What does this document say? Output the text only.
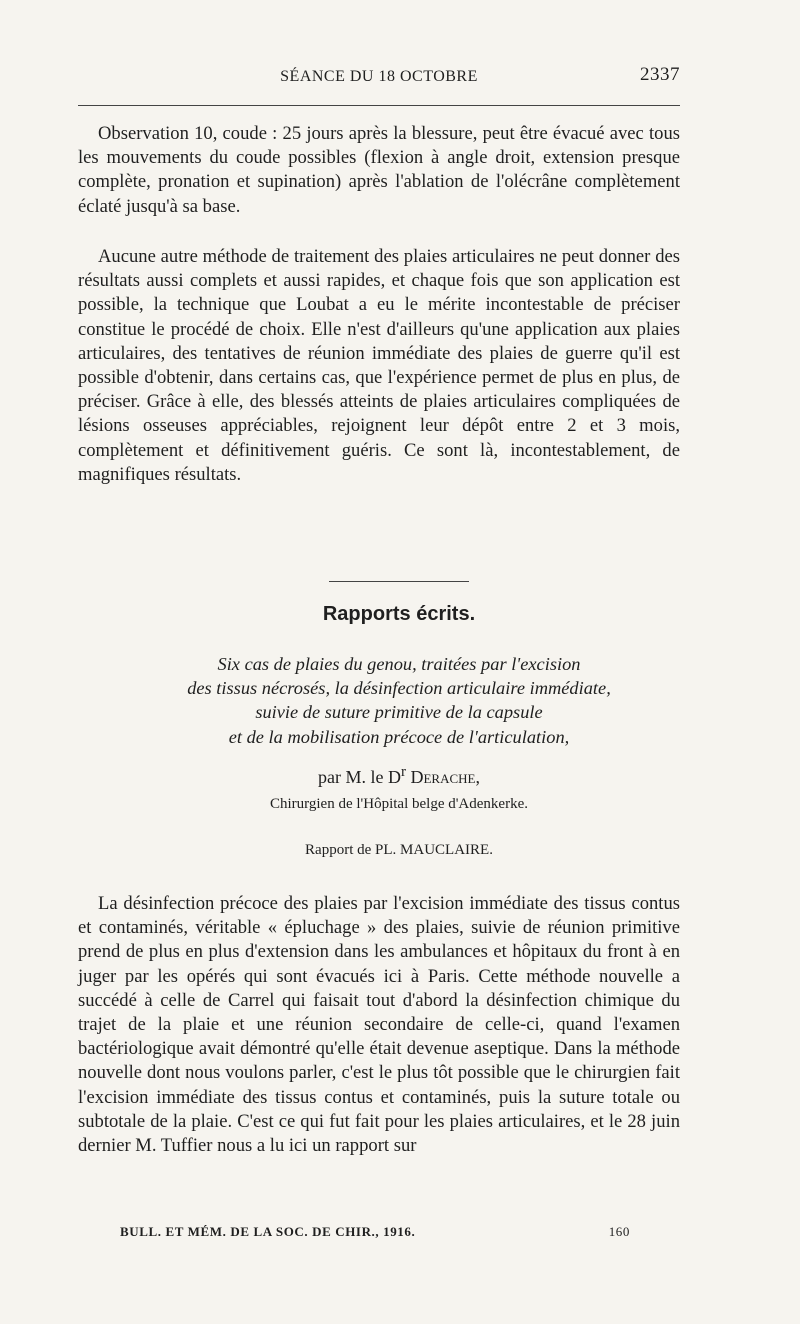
SÉANCE DU 18 OCTOBRE	2337

Observation 10, coude : 25 jours après la blessure, peut être évacué avec tous les mouvements du coude possibles (flexion à angle droit, extension presque complète, pronation et supination) après l'ablation de l'olécrâne complètement éclaté jusqu'à sa base.

Aucune autre méthode de traitement des plaies articulaires ne peut donner des résultats aussi complets et aussi rapides, et chaque fois que son application est possible, la technique que Loubat a eu le mérite incontestable de préciser constitue le procédé de choix. Elle n'est d'ailleurs qu'une application aux plaies articulaires, des tentatives de réunion immédiate des plaies de guerre qu'il est possible d'obtenir, dans certains cas, que l'expérience permet de plus en plus, de préciser. Grâce à elle, des blessés atteints de plaies articulaires compliquées de lésions osseuses appréciables, rejoignent leur dépôt entre 2 et 3 mois, complètement et définitivement guéris. Ce sont là, incontestablement, de magnifiques résultats.

Rapports écrits.

Six cas de plaies du genou, traitées par l'excision
des tissus nécrosés, la désinfection articulaire immédiate,
suivie de suture primitive de la capsule
et de la mobilisation précoce de l'articulation,

par M. le $D^r$ Derache,
Chirurgien de l'Hôpital belge d'Adenkerke.
Rapport de PL. MAUCLAIRE.

La désinfection précoce des plaies par l'excision immédiate des tissus contus et contaminés, véritable « épluchage » des plaies, suivie de réunion primitive prend de plus en plus d'extension dans les ambulances et hôpitaux du front à en juger par les opérés qui sont évacués ici à Paris. Cette méthode nouvelle a succédé à celle de Carrel qui faisait tout d'abord la désinfection chimique du trajet de la plaie et une réunion secondaire de celle-ci, quand l'examen bactériologique avait démontré qu'elle était devenue aseptique. Dans la méthode nouvelle dont nous voulons parler, c'est le plus tôt possible que le chirurgien fait l'excision immédiate des tissus contus et contaminés, puis la suture totale ou subtotale de la plaie. C'est ce qui fut fait pour les plaies articulaires, et le 28 juin dernier M. Tuffier nous a lu ici un rapport sur

BULL. ET MÉM. DE LA SOC. DE CHIR., 1916.	160
